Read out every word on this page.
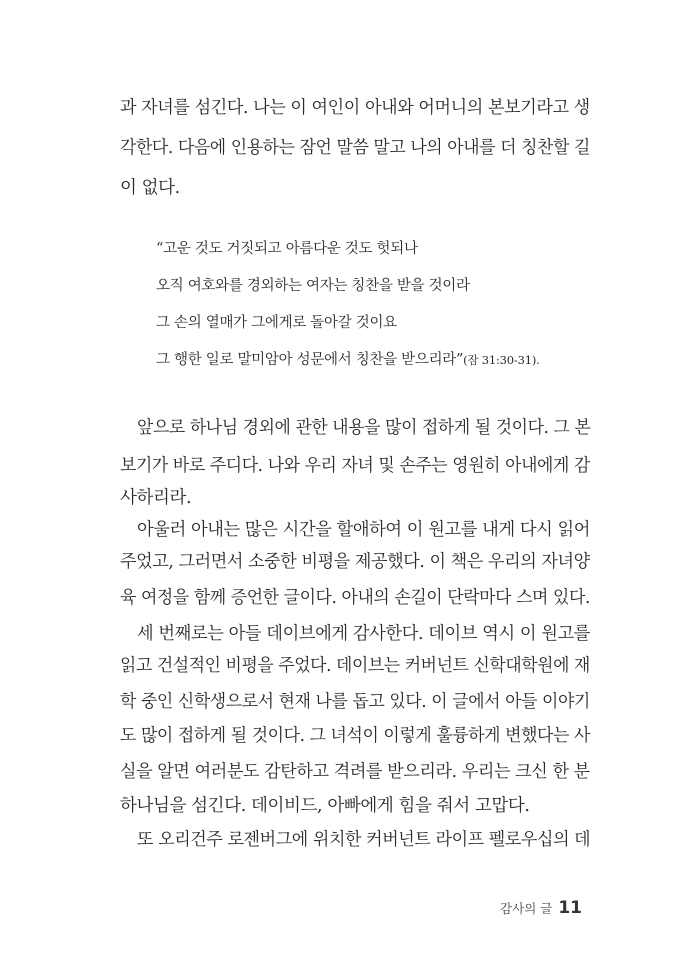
과 자녀를 섬긴다. 나는 이 여인이 아내와 어머니의 본보기라고 생
각한다. 다음에 인용하는 잠언 말씀 말고 나의 아내를 더 칭찬할 길
이 없다.
“고운 것도 거짓되고 아름다운 것도 헛되나
오직 여호와를 경외하는 여자는 칭찬을 받을 것이라
그 손의 열매가 그에게로 돌아갈 것이요
그 행한 일로 말미암아 성문에서 칭찬을 받으리라”(잠 31:30-31).
앞으로 하나님 경외에 관한 내용을 많이 접하게 될 것이다. 그 본
보기가 바로 주디다. 나와 우리 자녀 및 손주는 영원히 아내에게 감
사하리라.
아울러 아내는 많은 시간을 할애하여 이 원고를 내게 다시 읽어
주었고, 그러면서 소중한 비평을 제공했다. 이 책은 우리의 자녀양
육 여정을 함께 증언한 글이다. 아내의 손길이 단락마다 스며 있다.
세 번째로는 아들 데이브에게 감사한다. 데이브 역시 이 원고를
읽고 건설적인 비평을 주었다. 데이브는 커버넌트 신학대학원에 재
학 중인 신학생으로서 현재 나를 돕고 있다. 이 글에서 아들 이야기
도 많이 접하게 될 것이다. 그 녀석이 이렇게 훌륭하게 변했다는 사
실을 알면 여러분도 감탄하고 격려를 받으리라. 우리는 크신 한 분
하나님을 섬긴다. 데이비드, 아빠에게 힘을 줘서 고맙다.
또 오리건주 로젠버그에 위치한 커버넌트 라이프 펠로우십의 데
감사의 글 11
